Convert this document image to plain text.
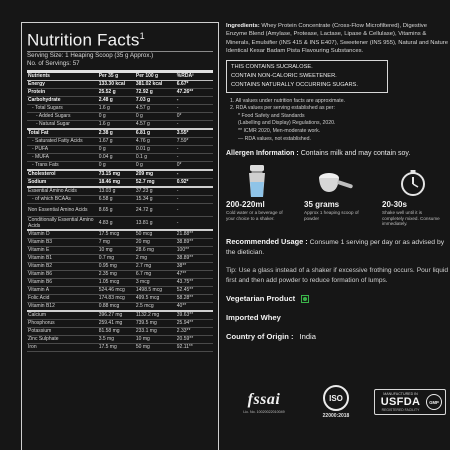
Nutrition Facts$^1$
Serving Size: 1 Heaping Scoop (35 g Approx.)
No. of Servings: 57
Nutrients	Per 35 g	Per 100 g	%RDA²
Energy	133.30 kcal	381.02 kcal	6.67*
Protein	25.52 g	72.92 g	47.26**
Carbohydrate	2.48 g	7.03 g	-
- Total Sugars	1.6 g	4.57 g	-
- Added Sugars	0 g	0 g	0*
- Natural Sugar	1.6 g	4.57 g	-
Total Fat	2.38 g	6.81 g	3.55*
- Saturated Fatty Acids	1.67 g	4.76 g	7.59*
- PUFA	0 g	0.01 g	-
- MUFA	0.04 g	0.1 g	-
- Trans Fats	0 g	0 g	0*
Cholesterol	73.15 mg	209 mg	-
Sodium	18.46 mg	52.7 mg	0.92*
Essential Amino Acids	13.03 g	37.23 g	-
- of which BCAAs	6.58 g	15.34 g	-
Non Essential Amino Acids	8.65 g	24.72 g	-
Conditionally Essential Amino Acids	4.83 g	13.81 g	-
Vitamin D	17.5 mcg	50 mcg	21.88**
Vitamin B3	7 mg	20 mg	38.89**
Vitamin E	10 mg	28.6 mg	100**
Vitamin B1	0.7 mg	2 mg	38.89**
Vitamin B2	0.95 mg	2.7 mg	38**
Vitamin B6	2.35 mg	6.7 mg	47**
Vitamin B6	1.05 mcg	3 mcg	43.75**
Vitamin A	524.46 mcg	1498.5 mcg	52.45**
Folic Acid	174.83 mcg	499.5 mcg	58.28**
Vitamin B12	0.88 mcg	2.5 mcg	40**
Calcium	396.27 mg	1132.2 mg	39.63**
Phosphorus	259.41 mg	739.5 mg	25.94**
Potassium	81.58 mg	233.1 mg	2.33**
Zinc Sulphate	3.5 mg	10 mg	20.59**
Iron	17.5 mg	50 mg	92.11**
Ingredients: Whey Protein Concentrate (Cross-Flow Microfiltered), Digestive Enzyme Blend (Amylase, Protease, Lactase, Lipase & Cellulase), Vitamins & Minerals, Emulsifier (INS 415 & INS E407), Sweetener (INS 955), Natural and Nature Identical Kesar Badam Pista Flavouring Substances.
THIS CONTAINS SUCRALOSE.
CONTAIN NON-CALORIC SWEETENER.
CONTAINS NATURALLY OCCURRING SUGARS.
1. All values under nutrition facts are approximate.
2. RDA values per serving established as per:
* Food Safety and Standards
(Labelling and Display) Regulations, 2020.
** ICMR 2020, Men-moderate work.
— RDA values, not established.
Allergen Information : Contains milk and may contain soy.
200-220ml
Cold water or a beverage of your choice to a shaker.
35 grams
Approx 1 heaping scoop of powder
20-30s
Shake well until it is completely mixed. Consume immediately.
Recommended Usage : Consume 1 serving per day or as advised by the dietician.
Tip: Use a glass instead of a shaker if excessive frothing occurs. Pour liquid first and then add powder to reduce formation of lumps.
Vegetarian Product
Imported Whey
Country of Origin : India
fssai
Lic. No. 10020022010049
ISO
22000:2018
MANUFACTURED IN
USFDA
REGISTERED FACILITY
GMP
